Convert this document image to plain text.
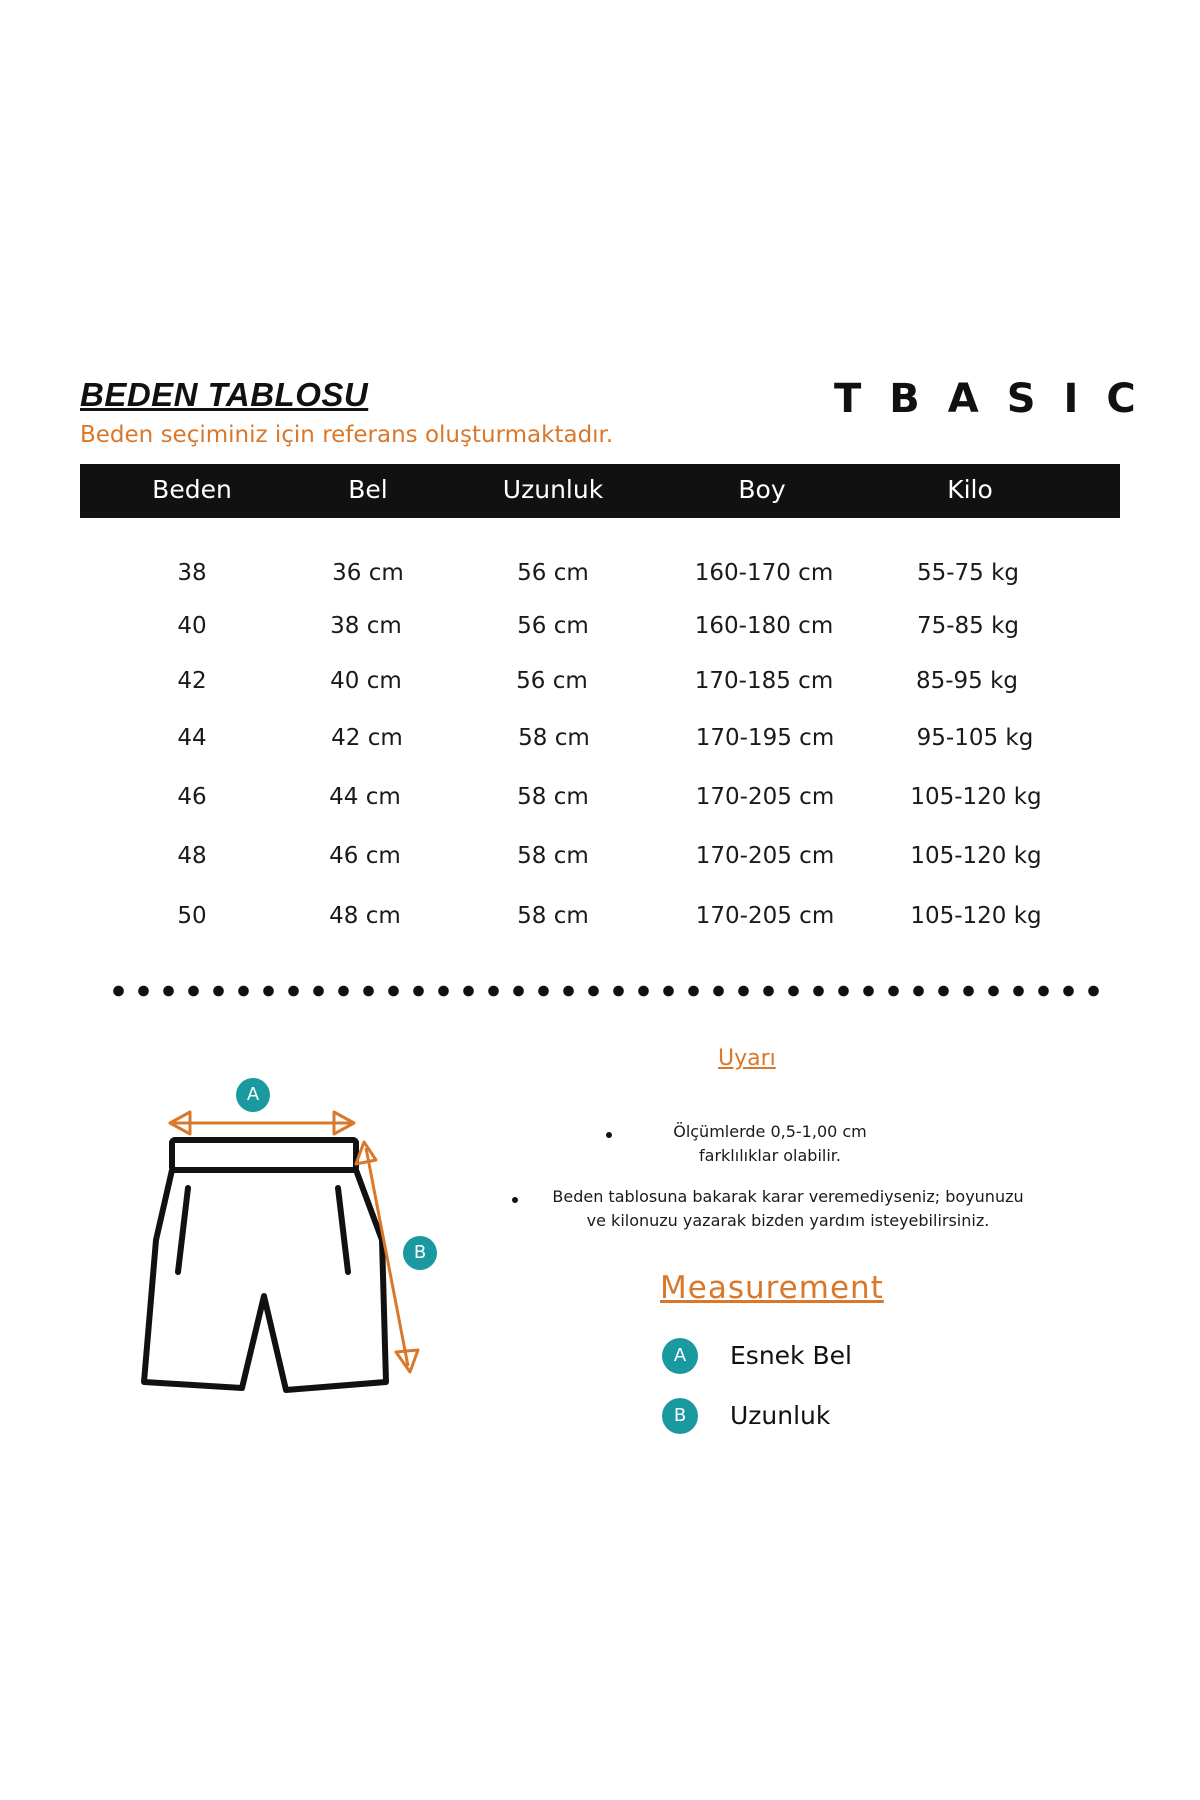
BEDEN TABLOSU
Beden seçiminiz için referans oluşturmaktadır.
TBASIC
Beden	Bel	Uzunluk	Boy	Kilo
38	36 cm	56 cm	160-170 cm	55-75 kg
40	38 cm	56 cm	160-180 cm	75-85 kg
42	40 cm	56 cm	170-185 cm	85-95 kg
44	42 cm	58 cm	170-195 cm	95-105 kg
46	44 cm	58 cm	170-205 cm	105-120 kg
48	46 cm	58 cm	170-205 cm	105-120 kg
50	48 cm	58 cm	170-205 cm	105-120 kg
A
B
Uyarı
Ölçümlerde 0,5-1,00 cm
farklılıklar olabilir.
Beden tablosuna bakarak karar veremediyseniz; boyunuzu
ve kilonuzu yazarak bizden yardım isteyebilirsiniz.
Measurement
A	Esnek Bel
B	Uzunluk
